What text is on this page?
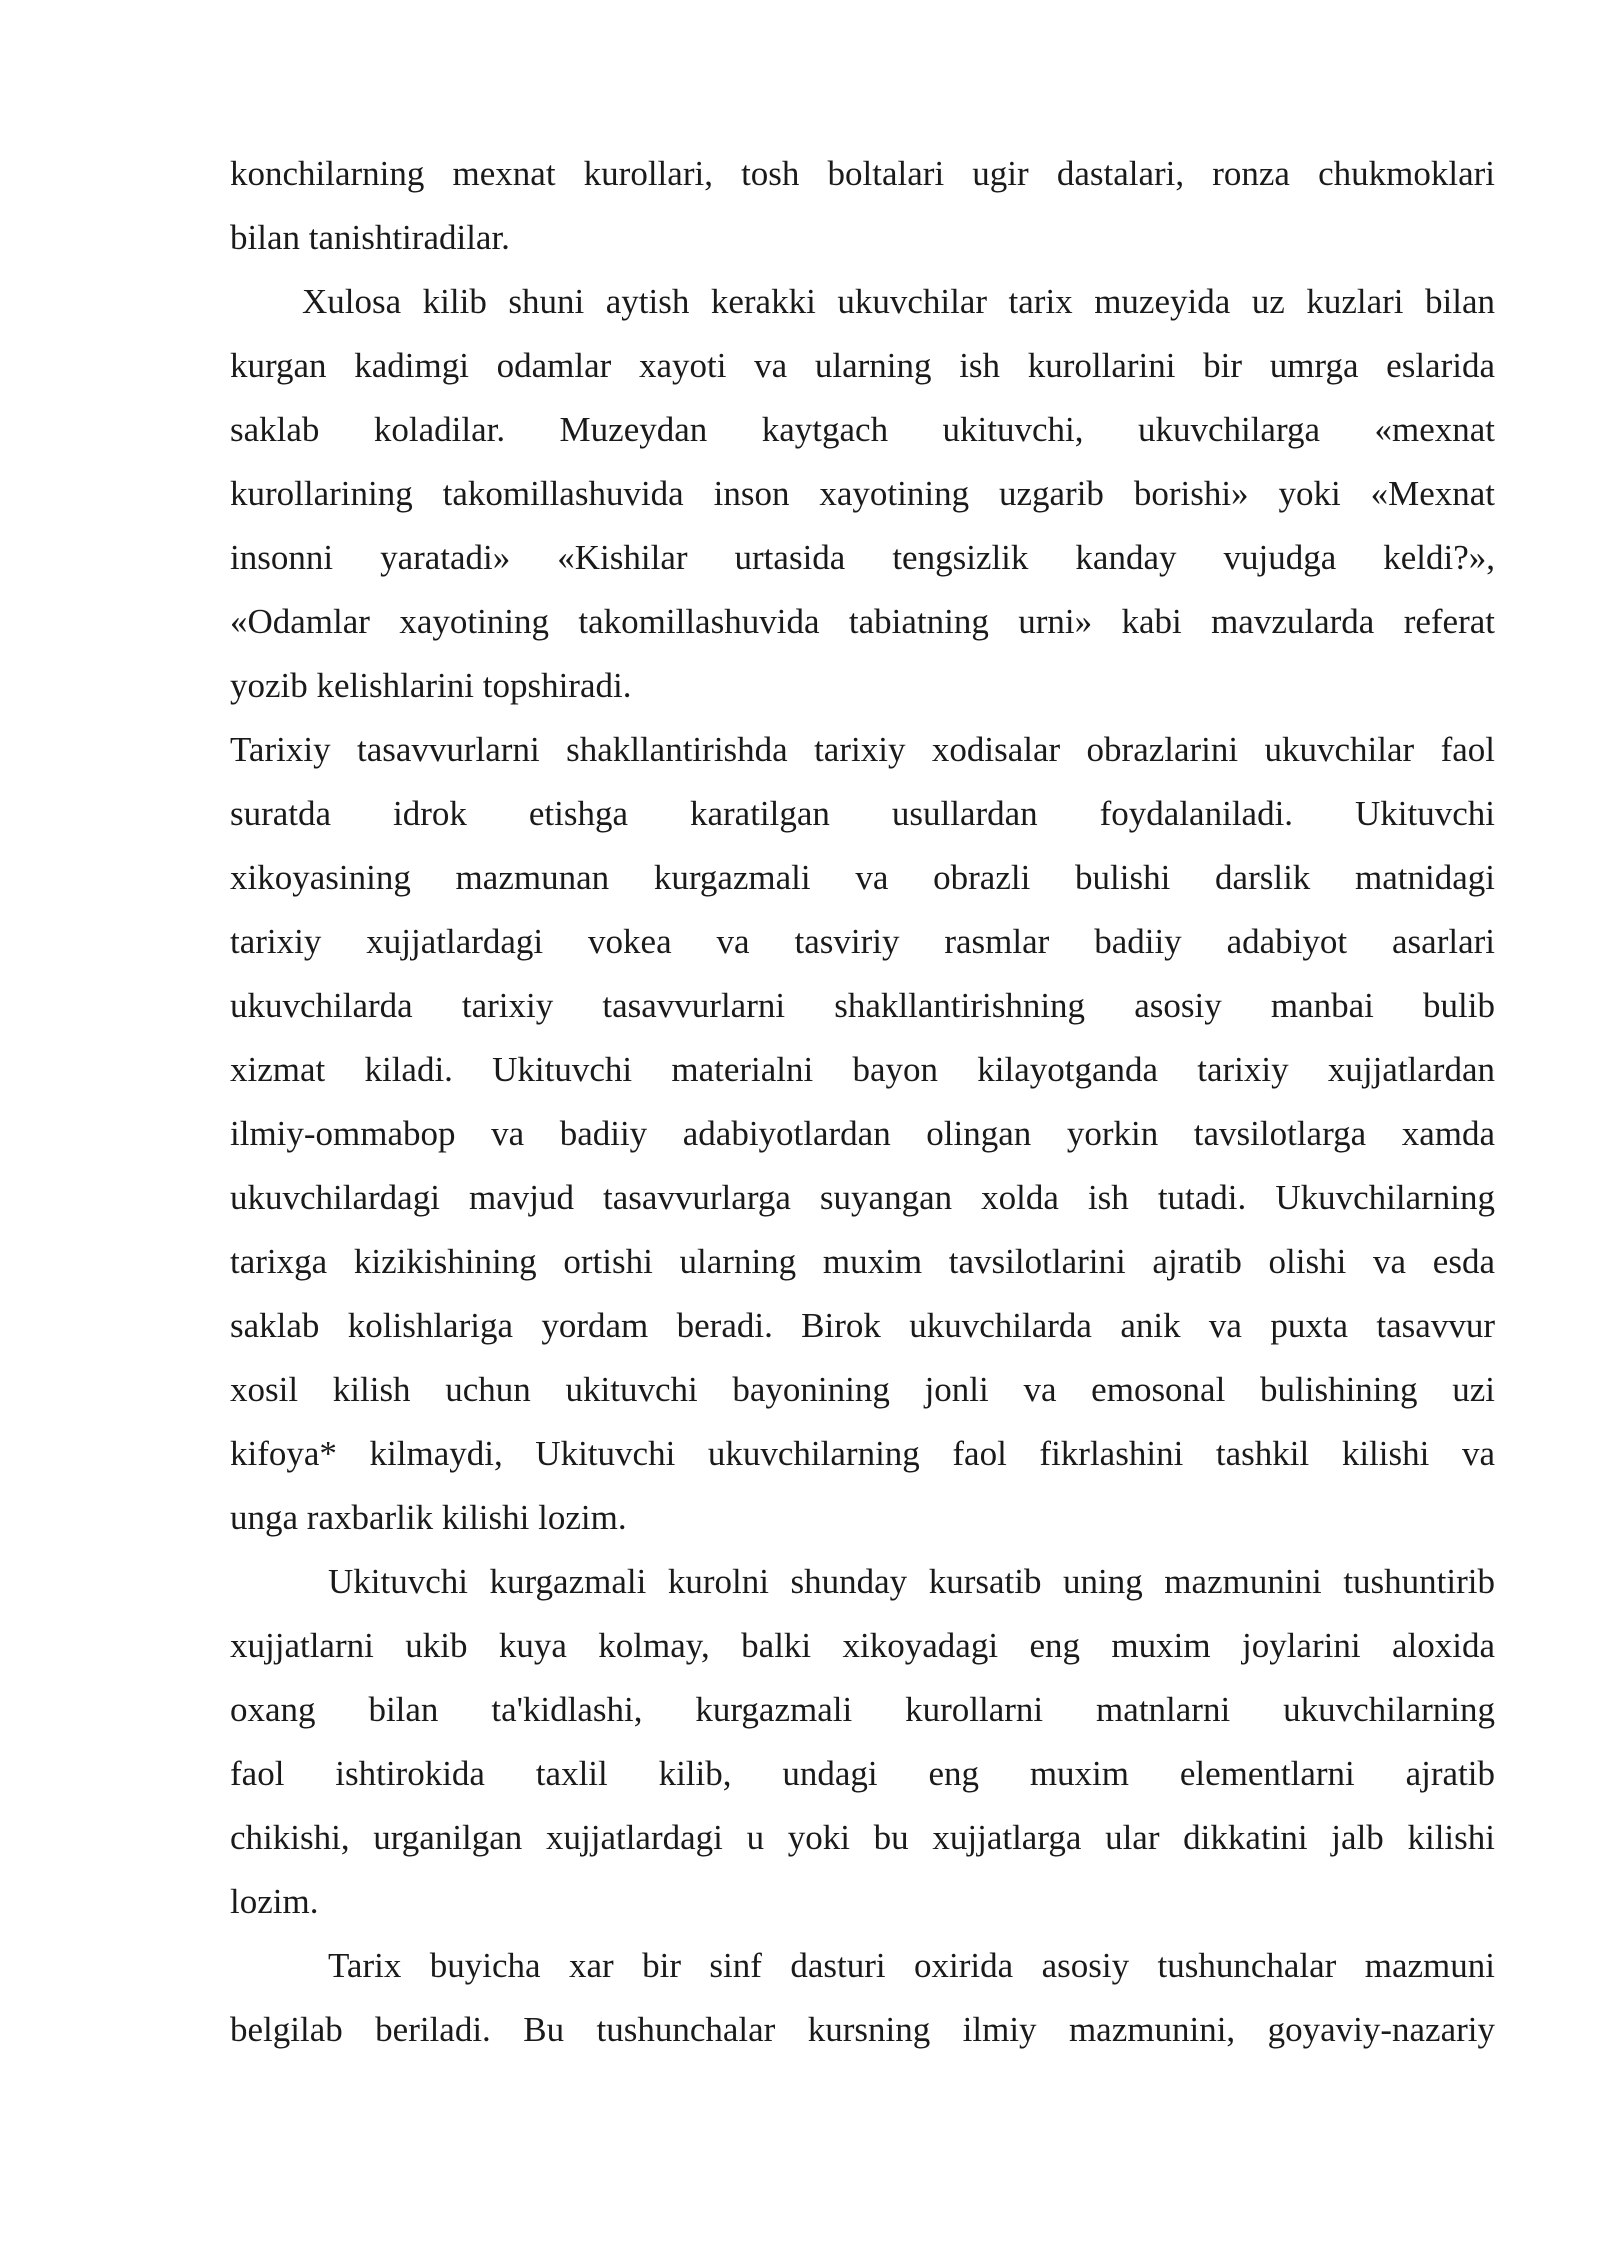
konchilarning mexnat kurollari, tosh boltalari ugir dastalari, ronza chukmoklari
bilan tanishtiradilar.
Xulosa kilib shuni aytish kerakki ukuvchilar tarix muzeyida uz kuzlari bilan
kurgan kadimgi odamlar xayoti va ularning ish kurollarini bir umrga eslarida
saklab koladilar. Muzeydan kaytgach ukituvchi, ukuvchilarga «mexnat
kurollarining takomillashuvida inson xayotining uzgarib borishi» yoki «Mexnat
insonni yaratadi» «Kishilar urtasida tengsizlik kanday vujudga keldi?»,
«Odamlar xayotining takomillashuvida tabiatning urni» kabi mavzularda referat
yozib kelishlarini topshiradi.
Tarixiy tasavvurlarni shakllantirishda tarixiy xodisalar obrazlarini ukuvchilar faol
suratda idrok etishga karatilgan usullardan foydalaniladi. Ukituvchi
xikoyasining mazmunan kurgazmali va obrazli bulishi darslik matnidagi
tarixiy xujjatlardagi vokea va tasviriy rasmlar badiiy adabiyot asarlari
ukuvchilarda tarixiy tasavvurlarni shakllantirishning asosiy manbai bulib
xizmat kiladi. Ukituvchi materialni bayon kilayotganda tarixiy xujjatlardan
ilmiy-ommabop va badiiy adabiyotlardan olingan yorkin tavsilotlarga xamda
ukuvchilardagi mavjud tasavvurlarga suyangan xolda ish tutadi. Ukuvchilarning
tarixga kizikishining ortishi ularning muxim tavsilotlarini ajratib olishi va esda
saklab kolishlariga yordam beradi. Birok ukuvchilarda anik va puxta tasavvur
xosil kilish uchun ukituvchi bayonining jonli va emosonal bulishining uzi
kifoya* kilmaydi, Ukituvchi ukuvchilarning faol fikrlashini tashkil kilishi va
unga raxbarlik kilishi lozim.
Ukituvchi kurgazmali kurolni shunday kursatib uning mazmunini tushuntirib
xujjatlarni ukib kuya kolmay, balki xikoyadagi eng muxim joylarini aloxida
oxang bilan ta'kidlashi, kurgazmali kurollarni matnlarni ukuvchilarning
faol ishtirokida taxlil kilib, undagi eng muxim elementlarni ajratib
chikishi, urganilgan xujjatlardagi u yoki bu xujjatlarga ular dikkatini jalb kilishi
lozim.
Tarix buyicha xar bir sinf dasturi oxirida asosiy tushunchalar mazmuni
belgilab beriladi. Bu tushunchalar kursning ilmiy mazmunini, goyaviy-nazariy
